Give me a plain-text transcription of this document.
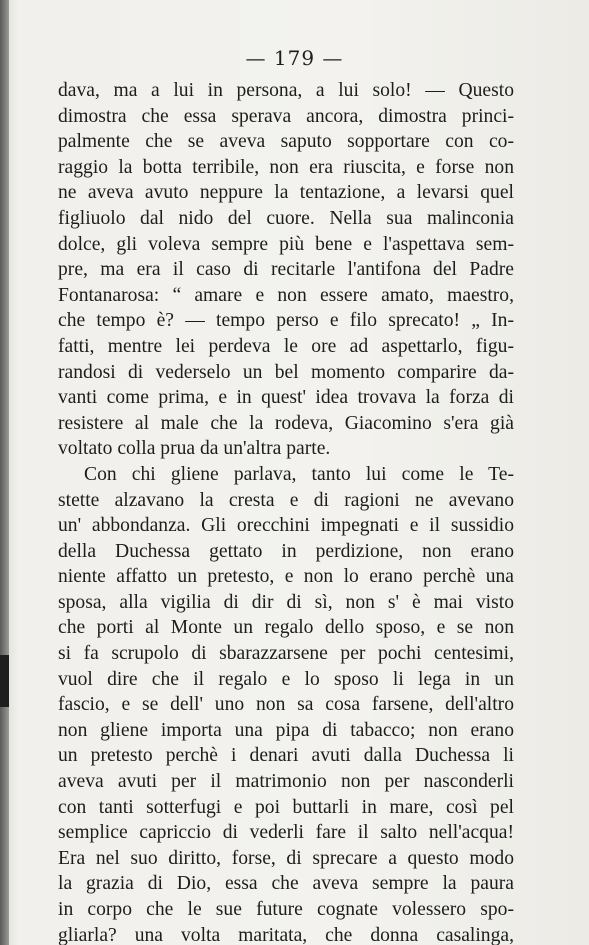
— 179 —
dava, ma a lui in persona, a lui solo! — Questo
dimostra che essa sperava ancora, dimostra princi-
palmente che se aveva saputo sopportare con co-
raggio la botta terribile, non era riuscita, e forse non
ne aveva avuto neppure la tentazione, a levarsi quel
figliuolo dal nido del cuore. Nella sua malinconia
dolce, gli voleva sempre più bene e l'aspettava sem-
pre, ma era il caso di recitarle l'antifona del Padre
Fontanarosa: “ amare e non essere amato, maestro,
che tempo è? — tempo perso e filo sprecato! „ In-
fatti, mentre lei perdeva le ore ad aspettarlo, figu-
randosi di vederselo un bel momento comparire da-
vanti come prima, e in quest' idea trovava la forza di
resistere al male che la rodeva, Giacomino s'era già
voltato colla prua da un'altra parte.
Con chi gliene parlava, tanto lui come le Te-
stette alzavano la cresta e di ragioni ne avevano
un' abbondanza. Gli orecchini impegnati e il sussidio
della Duchessa gettato in perdizione, non erano
niente affatto un pretesto, e non lo erano perchè una
sposa, alla vigilia di dir di sì, non s' è mai visto
che porti al Monte un regalo dello sposo, e se non
si fa scrupolo di sbarazzarsene per pochi centesimi,
vuol dire che il regalo e lo sposo li lega in un
fascio, e se dell' uno non sa cosa farsene, dell'altro
non gliene importa una pipa di tabacco; non erano
un pretesto perchè i denari avuti dalla Duchessa li
aveva avuti per il matrimonio non per nasconderli
con tanti sotterfugi e poi buttarli in mare, così pel
semplice capriccio di vederli fare il salto nell'acqua!
Era nel suo diritto, forse, di sprecare a questo modo
la grazia di Dio, essa che aveva sempre la paura
in corpo che le sue future cognate volessero spo-
gliarla? una volta maritata, che donna casalinga,
